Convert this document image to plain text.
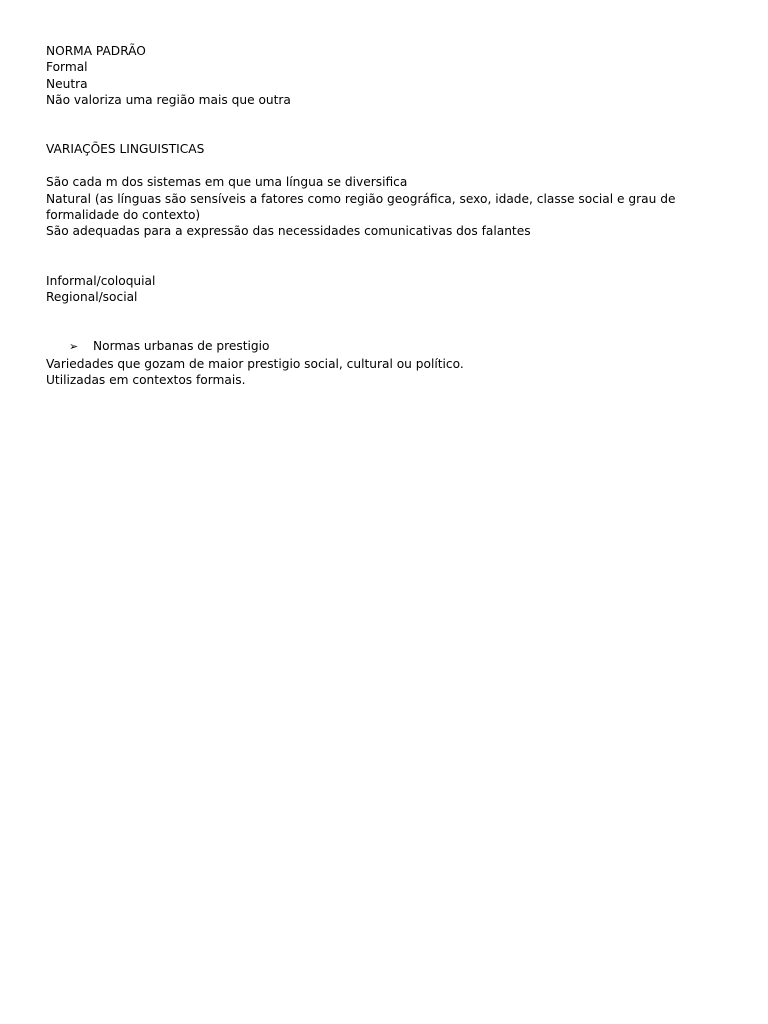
NORMA PADRÃO
Formal
Neutra
Não valoriza uma região mais que outra
VARIAÇÕES LINGUISTICAS
São cada m dos sistemas em que uma língua se diversifica
Natural (as línguas são sensíveis a fatores como região geográfica, sexo, idade, classe social e grau de formalidade do contexto)
São adequadas para a expressão das necessidades comunicativas dos falantes
Informal/coloquial
Regional/social
➢	Normas urbanas de prestigio
Variedades que gozam de maior prestigio social, cultural ou político.
Utilizadas em contextos formais.
